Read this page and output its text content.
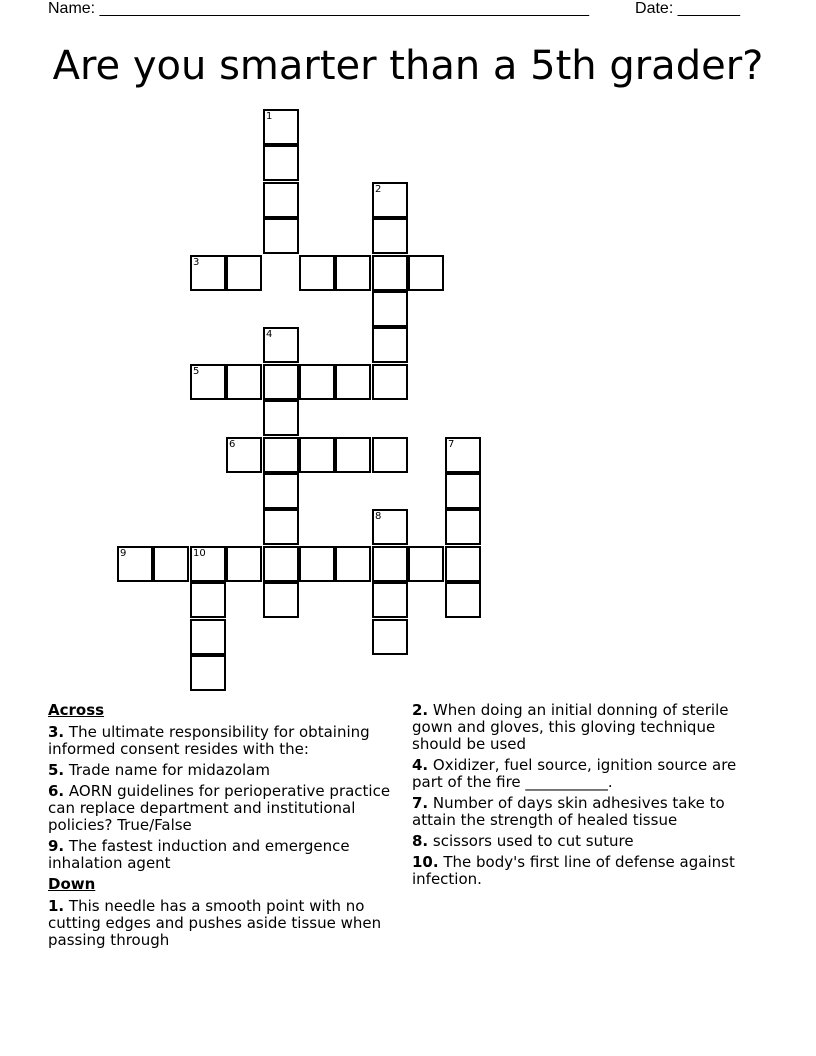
Name: _______________________________________________________	Date: _______
Are you smarter than a 5th grader?
1
2
3
4
5
6	7
8
9	10
Across
3. The ultimate responsibility for obtaining informed consent resides with the:
5. Trade name for midazolam
6. AORN guidelines for perioperative practice can replace department and institutional policies? True/False
9. The fastest induction and emergence inhalation agent
Down
1. This needle has a smooth point with no cutting edges and pushes aside tissue when passing through
2. When doing an initial donning of sterile gown and gloves, this gloving technique should be used
4. Oxidizer, fuel source, ignition source are part of the fire ___________.
7. Number of days skin adhesives take to attain the strength of healed tissue
8. scissors used to cut suture
10. The body's first line of defense against infection.
